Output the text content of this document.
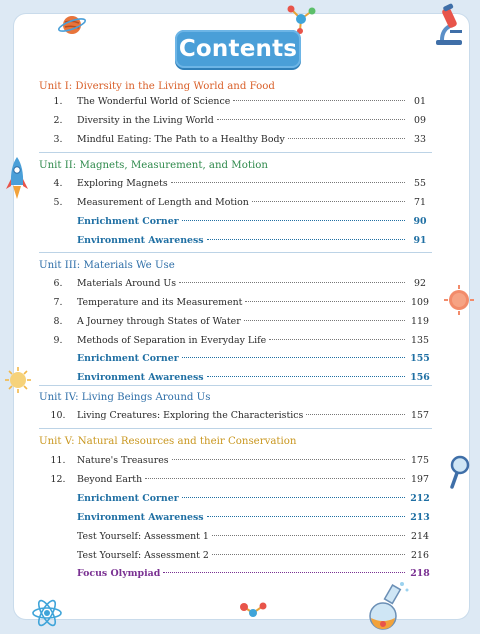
Contents
Unit I: Diversity in the Living World and Food
1.	The Wonderful World of Science	01
2.	Diversity in the Living World	09
3.	Mindful Eating: The Path to a Healthy Body	33
Unit II: Magnets, Measurement, and Motion
4.	Exploring Magnets	55
5.	Measurement of Length and Motion	71
Enrichment Corner	90
Environment Awareness	91
Unit III: Materials We Use
6.	Materials Around Us	92
7.	Temperature and its Measurement	109
8.	A Journey through States of Water	119
9.	Methods of Separation in Everyday Life	135
Enrichment Corner	155
Environment Awareness	156
Unit IV: Living Beings Around Us
10.	Living Creatures: Exploring the Characteristics	157
Unit V: Natural Resources and their Conservation
11.	Nature's Treasures	175
12.	Beyond Earth	197
Enrichment Corner	212
Environment Awareness	213
Test Yourself: Assessment 1	214
Test Yourself: Assessment 2	216
Focus Olympiad	218
